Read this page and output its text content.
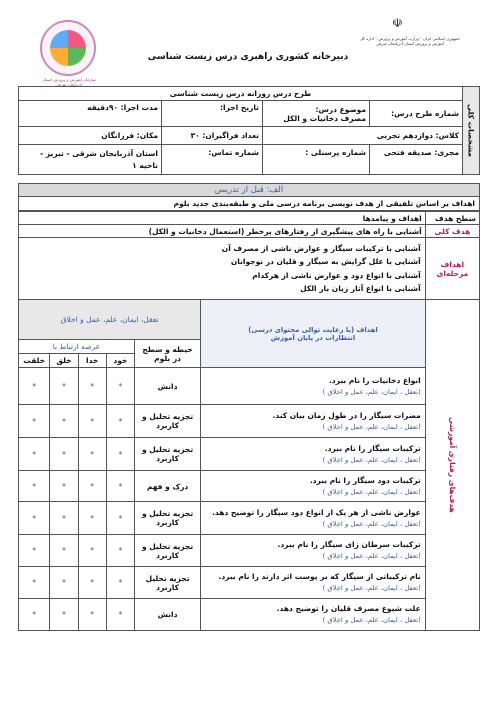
سازمان آموزش و پرورش استان آذربایجان شرقی
☫
جمهوری اسلامی ایران - وزارت آموزش و پرورش - اداره کل آموزش و پرورش استان آذربایجان شرقی
دبیرخانه کشوری راهبری درس زیست شناسی
مشخصات کلی	طرح درس روزانه درس زیست شناسی			
	شماره طرح درس:	موضوع درس:
مصرف دخانیات و الکل	تاریخ اجرا:	مدت اجرا: ۹۰دقیقه
	کلاس: دوازدهم تجربی		تعداد فراگیران: ۳۰	مکان: فرزانگان
	مجری: صدیقه فتحی	شماره پرسنلی :	شماره تماس:	استان آذربایجان شرقی - تبریز - ناحیه ۱
الف: قبل از تدریس
اهداف بر اساس تلفیقی از هدف نویسی برنامه درسی ملی و طبقه‌بندی جدید بلوم
سطح هدف	اهداف و پیامدها					
هدف کلی	آشنایی با راه های پیشگیری از رفتارهای پرخطر (استعمال دخانیات و الکل)					
اهداف مرحله‌ای	آشنایی با ترکیبات سیگار و عوارض ناشی از مصرف آن
آشنایی با علل گرایش به سیگار و قلیان در نوجوانان
آشنایی با انواع دود و عوارض ناشی از هرکدام
آشنایی با انواع آثار زیان بار الکل					

هدف‌های رفتاری آموزشی	اهداف (با رعایت توالی محتوای درسی)
انتظارات در پایان آموزش	تعقل، ایمان، علم، عمل و اخلاق				
		حیطه و سطح در بلوم	عرصه ارتباط با			
			خود	خدا	خلق	خلقت

	انواع دخانیات را نام ببرد.
(تعقل ، ایمان، علم، عمل و اخلاق )	دانش	*	*	*	*

	مضرات سیگار را در طول زمان بیان کند.
(تعقل ، ایمان، علم، عمل و اخلاق )	تجزیه تحلیل و کاربرد	*	*	*	*

	ترکیبات سیگار را نام ببرد.
(تعقل ، ایمان، علم، عمل و اخلاق )	تجزیه تحلیل و کاربرد	*	*	*	*

	ترکیبات دود سیگار را نام ببرد.
(تعقل ، ایمان، علم، عمل و اخلاق )	درک و فهم	*	*	*	*

	عوارض ناشی از هر یک از انواع دود سیگار را توضیح دهد.
(تعقل ، ایمان، علم، عمل و اخلاق )	تجزیه تحلیل و کاربرد	*	*	*	*

	ترکیبات سرطان زای سیگار را نام ببرد.
(تعقل ، ایمان، علم، عمل و اخلاق )	تجزیه تحلیل و کاربرد	*	*	*	*

	نام ترکیباتی از سیگار که بر پوست اثر دارند را نام ببرد.
(تعقل ، ایمان، علم، عمل و اخلاق )	تجزیه تحلیل کاربرد	*	*	*	*

	علت شیوع مصرف قلیان را توضیح دهد.
(تعقل ، ایمان، علم، عمل و اخلاق )	دانش	*	*	*	*
